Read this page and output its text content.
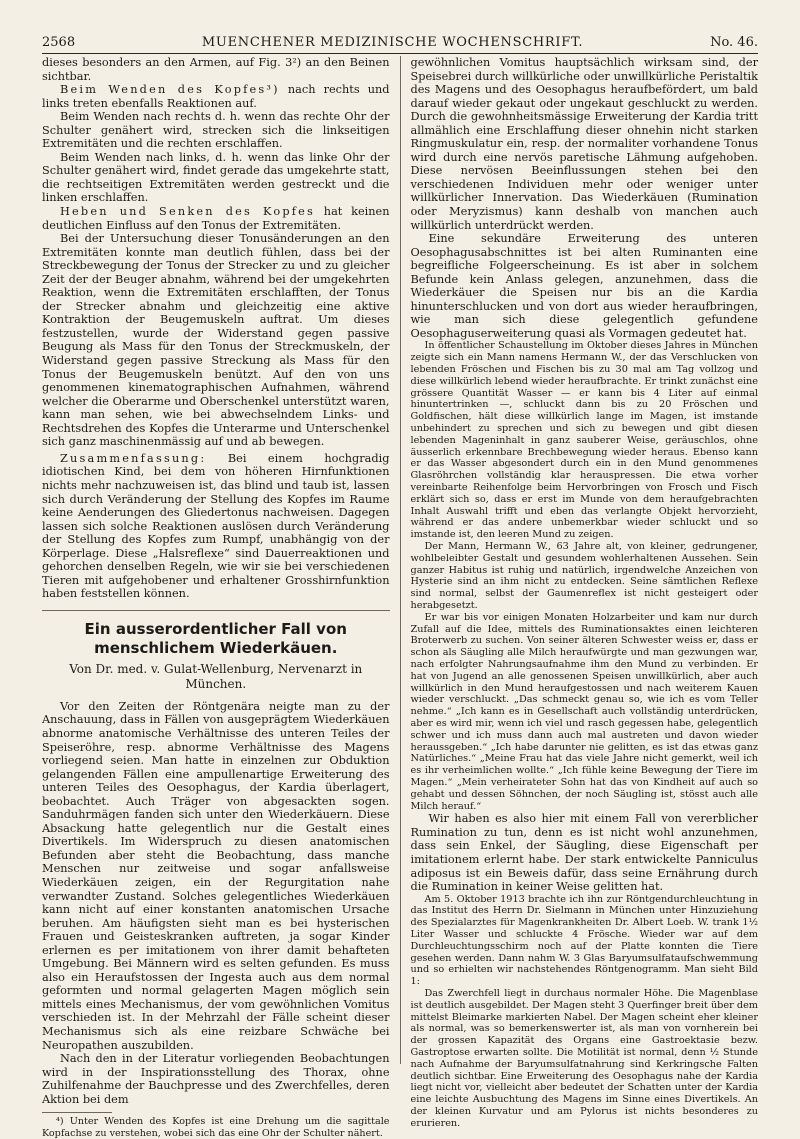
2568	MUENCHENER MEDIZINISCHE WOCHENSCHRIFT.	No. 46.

dieses besonders an den Armen, auf Fig. 3²) an den Beinen sichtbar.

Beim Wenden des Kopfes³) nach rechts und links treten ebenfalls Reaktionen auf.

Beim Wenden nach rechts d. h. wenn das rechte Ohr der Schulter genähert wird, strecken sich die linkseitigen Extremitäten und die rechten erschlaffen.

Beim Wenden nach links, d. h. wenn das linke Ohr der Schulter genähert wird, findet gerade das umgekehrte statt, die rechtseitigen Extremitäten werden gestreckt und die linken erschlaffen.

Heben und Senken des Kopfes hat keinen deutlichen Einfluss auf den Tonus der Extremitäten.

Bei der Untersuchung dieser Tonusänderungen an den Extremitäten konnte man deutlich fühlen, dass bei der Streckbewegung der Tonus der Strecker zu und zu gleicher Zeit der der Beuger abnahm, während bei der umgekehrten Reaktion, wenn die Extremitäten erschlafften, der Tonus der Strecker abnahm und gleichzeitig eine aktive Kontraktion der Beugemuskeln auftrat. Um dieses festzustellen, wurde der Widerstand gegen passive Beugung als Mass für den Tonus der Streckmuskeln, der Widerstand gegen passive Streckung als Mass für den Tonus der Beugemuskeln benützt. Auf den von uns genommenen kinematographischen Aufnahmen, während welcher die Oberarme und Oberschenkel unterstützt waren, kann man sehen, wie bei abwechselndem Links- und Rechtsdrehen des Kopfes die Unterarme und Unterschenkel sich ganz maschinenmässig auf und ab bewegen.

Zusammenfassung: Bei einem hochgradig idiotischen Kind, bei dem von höheren Hirnfunktionen nichts mehr nachzuweisen ist, das blind und taub ist, lassen sich durch Veränderung der Stellung des Kopfes im Raume keine Aenderungen des Gliedertonus nachweisen. Dagegen lassen sich solche Reaktionen auslösen durch Veränderung der Stellung des Kopfes zum Rumpf, unabhängig von der Körperlage. Diese „Halsreflexe“ sind Dauerreaktionen und gehorchen denselben Regeln, wie wir sie bei verschiedenen Tieren mit aufgehobener und erhaltener Grosshirnfunktion haben feststellen können.

Ein ausserordentlicher Fall von menschlichem Wiederkäuen.
Von Dr. med. v. Gulat-Wellenburg, Nervenarzt in München.

Vor den Zeiten der Röntgenära neigte man zu der Anschauung, dass in Fällen von ausgeprägtem Wiederkäuen abnorme anatomische Verhältnisse des unteren Teiles der Speiseröhre, resp. abnorme Verhältnisse des Magens vorliegend seien. Man hatte in einzelnen zur Obduktion gelangenden Fällen eine ampullenartige Erweiterung des unteren Teiles des Oesophagus, der Kardia überlagert, beobachtet. Auch Träger von abgesackten sogen. Sanduhrmägen fanden sich unter den Wiederkäuern. Diese Absackung hatte gelegentlich nur die Gestalt eines Divertikels. Im Widerspruch zu diesen anatomischen Befunden aber steht die Beobachtung, dass manche Menschen nur zeitweise und sogar anfallsweise Wiederkäuen zeigen, ein der Regurgitation nahe verwandter Zustand. Solches gelegentliches Wiederkäuen kann nicht auf einer konstanten anatomischen Ursache beruhen. Am häufigsten sieht man es bei hysterischen Frauen und Geisteskranken auftreten, ja sogar Kinder erlernen es per imitationem von ihrer damit behafteten Umgebung. Bei Männern wird es selten gefunden. Es muss also ein Heraufstossen der Ingesta auch aus dem normal geformten und normal gelagerten Magen möglich sein mittels eines Mechanismus, der vom gewöhnlichen Vomitus verschieden ist. In der Mehrzahl der Fälle scheint dieser Mechanismus sich als eine reizbare Schwäche bei Neuropathen auszubilden.

Nach den in der Literatur vorliegenden Beobachtungen wird in der Inspirationsstellung des Thorax, ohne Zuhilfenahme der Bauchpresse und des Zwerchfelles, deren Aktion bei dem

⁴) Unter Wenden des Kopfes ist eine Drehung um die sagittale Kopfachse zu verstehen, wobei sich das eine Ohr der Schulter nähert.

gewöhnlichen Vomitus hauptsächlich wirksam sind, der Speisebrei durch willkürliche oder unwillkürliche Peristaltik des Magens und des Oesophagus heraufbefördert, um bald darauf wieder gekaut oder ungekaut geschluckt zu werden. Durch die gewohnheitsmässige Erweiterung der Kardia tritt allmählich eine Erschlaffung dieser ohnehin nicht starken Ringmuskulatur ein, resp. der normaliter vorhandene Tonus wird durch eine nervös paretische Lähmung aufgehoben. Diese nervösen Beeinflussungen stehen bei den verschiedenen Individuen mehr oder weniger unter willkürlicher Innervation. Das Wiederkäuen (Rumination oder Meryzismus) kann deshalb von manchen auch willkürlich unterdrückt werden.

Eine sekundäre Erweiterung des unteren Oesophagusabschnittes ist bei alten Ruminanten eine begreifliche Folgeerscheinung. Es ist aber in solchem Befunde kein Anlass gelegen, anzunehmen, dass die Wiederkäuer die Speisen nur bis an die Kardia hinunterschlucken und von dort aus wieder heraufbringen, wie man sich diese gelegentlich gefundene Oesophaguserweiterung quasi als Vormagen gedeutet hat.

In öffentlicher Schaustellung im Oktober dieses Jahres in München zeigte sich ein Mann namens Hermann W., der das Verschlucken von lebenden Fröschen und Fischen bis zu 30 mal am Tag vollzog und diese willkürlich lebend wieder heraufbrachte. Er trinkt zunächst eine grössere Quantität Wasser — er kann bis 4 Liter auf einmal hinuntertrinken —, schluckt dann bis zu 20 Fröschen und Goldfischen, hält diese willkürlich lange im Magen, ist imstande unbehindert zu sprechen und sich zu bewegen und gibt diesen lebenden Mageninhalt in ganz sauberer Weise, geräuschlos, ohne äusserlich erkennbare Brechbewegung wieder heraus. Ebenso kann er das Wasser abgesondert durch ein in den Mund genommenes Glasröhrchen vollständig klar herauspressen. Die etwa vorher vereinbarte Reihenfolge beim Hervorbringen von Frosch und Fisch erklärt sich so, dass er erst im Munde von dem heraufgebrachten Inhalt Auswahl trifft und eben das verlangte Objekt hervorzieht, während er das andere unbemerkbar wieder schluckt und so imstande ist, den leeren Mund zu zeigen.

Der Mann, Hermann W., 63 Jahre alt, von kleiner, gedrungener, wohlbeleibter Gestalt und gesundem wohlerhaltenen Aussehen. Sein ganzer Habitus ist ruhig und natürlich, irgendwelche Anzeichen von Hysterie sind an ihm nicht zu entdecken. Seine sämtlichen Reflexe sind normal, selbst der Gaumenreflex ist nicht gesteigert oder herabgesetzt.

Er war bis vor einigen Monaten Holzarbeiter und kam nur durch Zufall auf die Idee, mittels des Ruminationsaktes einen leichteren Broterwerb zu suchen. Von seiner älteren Schwester weiss er, dass er schon als Säugling alle Milch heraufwürgte und man gezwungen war, nach erfolgter Nahrungsaufnahme ihm den Mund zu verbinden. Er hat von Jugend an alle genossenen Speisen unwillkürlich, aber auch willkürlich in den Mund heraufgestossen und nach weiterem Kauen wieder verschluckt. „Das schmeckt genau so, wie ich es vom Teller nehme.“ „Ich kann es in Gesellschaft auch vollständig unterdrücken, aber es wird mir, wenn ich viel und rasch gegessen habe, gelegentlich schwer und ich muss dann auch mal austreten und davon wieder heraussgeben.“ „Ich habe darunter nie gelitten, es ist das etwas ganz Natürliches.“ „Meine Frau hat das viele Jahre nicht gemerkt, weil ich es ihr verheimlichen wollte.“ „Ich fühle keine Bewegung der Tiere im Magen.“ „Mein verheirateter Sohn hat das von Kindheit auf auch so gehabt und dessen Söhnchen, der noch Säugling ist, stösst auch alle Milch herauf.“

Wir haben es also hier mit einem Fall von vererblicher Rumination zu tun, denn es ist nicht wohl anzunehmen, dass sein Enkel, der Säugling, diese Eigenschaft per imitationem erlernt habe. Der stark entwickelte Panniculus adiposus ist ein Beweis dafür, dass seine Ernährung durch die Rumination in keiner Weise gelitten hat.

Am 5. Oktober 1913 brachte ich ihn zur Röntgendurchleuchtung in das Institut des Herrn Dr. Sielmann in München unter Hinzuziehung des Spezialarztes für Magenkrankheiten Dr. Albert Loeb. W. trank 1½ Liter Wasser und schluckte 4 Frösche. Wieder war auf dem Durchleuchtungsschirm noch auf der Platte konnten die Tiere gesehen werden. Dann nahm W. 3 Glas Baryumsulfataufschwemmung und so erhielten wir nachstehendes Röntgenogramm. Man sieht Bild 1:

Das Zwerchfell liegt in durchaus normaler Höhe. Die Magenblase ist deutlich ausgebildet. Der Magen steht 3 Querfinger breit über dem mittelst Bleimarke markierten Nabel. Der Magen scheint eher kleiner als normal, was so bemerkenswerter ist, als man von vornherein bei der grossen Kapazität des Organs eine Gastroektasie bezw. Gastroptose erwarten sollte. Die Motilität ist normal, denn ½ Stunde nach Aufnahme der Baryumsulfatnahrung sind Kerkringsche Falten deutlich sichtbar. Eine Erweiterung des Oesophagus nahe der Kardia liegt nicht vor, vielleicht aber bedeutet der Schatten unter der Kardia eine leichte Ausbuchtung des Magens im Sinne eines Divertikels. An der kleinen Kurvatur und am Pylorus ist nichts besonderes zu erurieren.
